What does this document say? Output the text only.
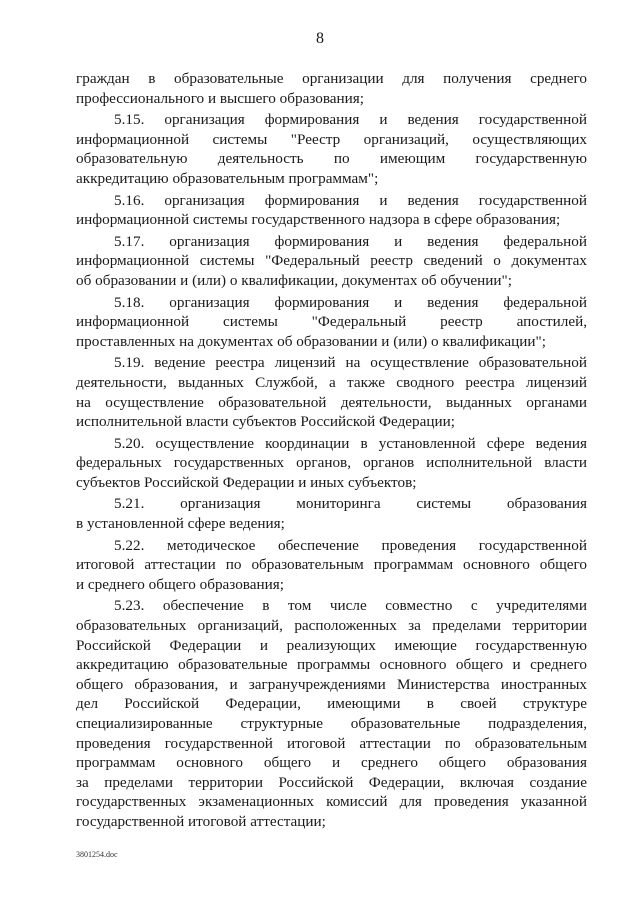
8
граждан в образовательные организации для получения среднего
профессионального и высшего образования;
5.15. организация формирования и ведения государственной
информационной системы "Реестр организаций, осуществляющих
образовательную деятельность по имеющим государственную
аккредитацию образовательным программам";
5.16. организация формирования и ведения государственной
информационной системы государственного надзора в сфере образования;
5.17. организация формирования и ведения федеральной
информационной системы "Федеральный реестр сведений о документах
об образовании и (или) о квалификации, документах об обучении";
5.18. организация формирования и ведения федеральной
информационной системы "Федеральный реестр апостилей,
проставленных на документах об образовании и (или) о квалификации";
5.19. ведение реестра лицензий на осуществление образовательной
деятельности, выданных Службой, а также сводного реестра лицензий
на осуществление образовательной деятельности, выданных органами
исполнительной власти субъектов Российской Федерации;
5.20. осуществление координации в установленной сфере ведения
федеральных государственных органов, органов исполнительной власти
субъектов Российской Федерации и иных субъектов;
5.21. организация мониторинга системы образования
в установленной сфере ведения;
5.22. методическое обеспечение проведения государственной
итоговой аттестации по образовательным программам основного общего
и среднего общего образования;
5.23. обеспечение в том числе совместно с учредителями
образовательных организаций, расположенных за пределами территории
Российской Федерации и реализующих имеющие государственную
аккредитацию образовательные программы основного общего и среднего
общего образования, и загранучреждениями Министерства иностранных
дел Российской Федерации, имеющими в своей структуре
специализированные структурные образовательные подразделения,
проведения государственной итоговой аттестации по образовательным
программам основного общего и среднего общего образования
за пределами территории Российской Федерации, включая создание
государственных экзаменационных комиссий для проведения указанной
государственной итоговой аттестации;
3801254.doc
